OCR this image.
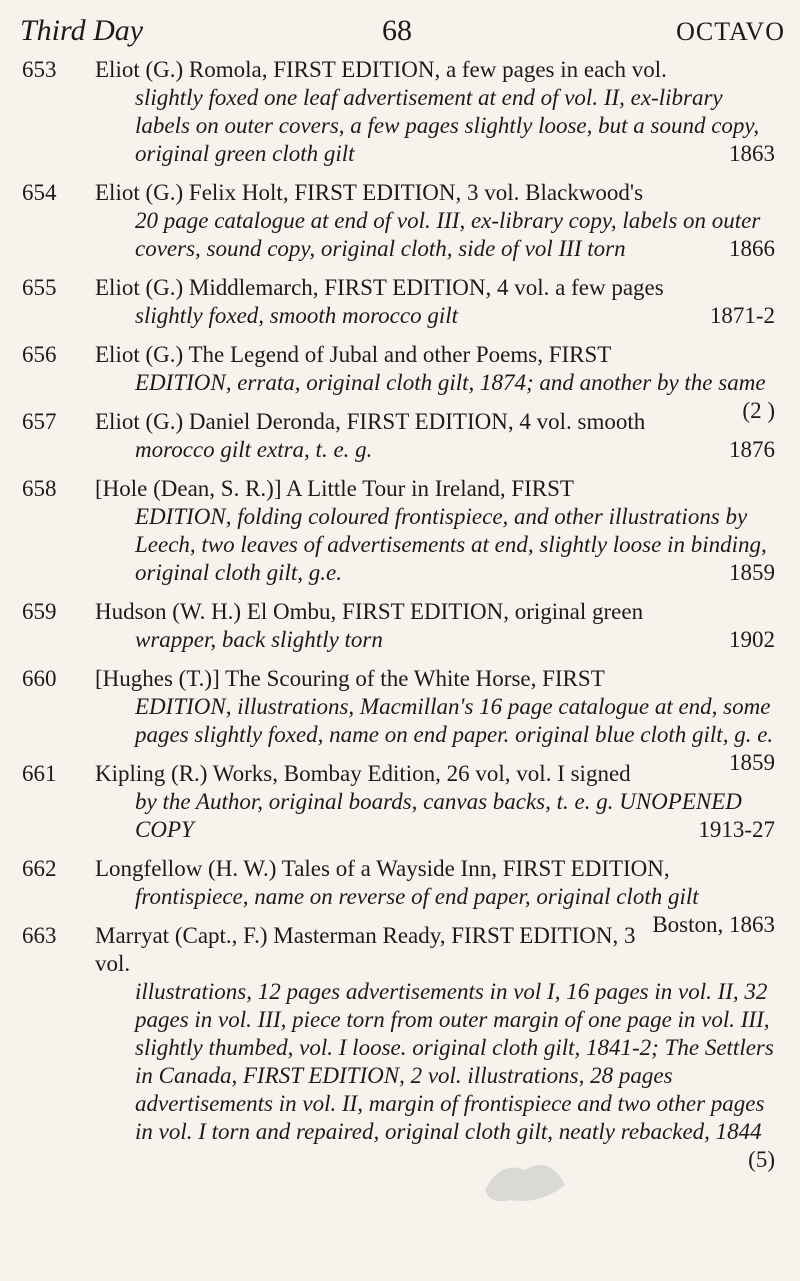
Third Day	68	OCTAVO
653 Eliot (G.) Romola, FIRST EDITION, a few pages in each vol.
slightly foxed one leaf advertisement at end of vol. II, ex-library labels on outer covers, a few pages slightly loose, but a sound copy, original green cloth gilt	1863
654 Eliot (G.) Felix Holt, FIRST EDITION, 3 vol. Blackwood's
20 page catalogue at end of vol. III, ex-library copy, labels on outer covers, sound copy, original cloth, side of vol III torn	1866
655 Eliot (G.) Middlemarch, FIRST EDITION, 4 vol. a few pages
slightly foxed, smooth morocco gilt	1871-2
656 Eliot (G.) The Legend of Jubal and other Poems, FIRST
EDITION, errata, original cloth gilt, 1874; and another by the same
(2 )
657 Eliot (G.) Daniel Deronda, FIRST EDITION, 4 vol. smooth
morocco gilt extra, t. e. g.	1876
658 [Hole (Dean, S. R.)] A Little Tour in Ireland, FIRST
EDITION, folding coloured frontispiece, and other illustrations by Leech, two leaves of advertisements at end, slightly loose in binding, original cloth gilt, g.e.	1859
659 Hudson (W. H.) El Ombu, FIRST EDITION, original green
wrapper, back slightly torn	1902
660 [Hughes (T.)] The Scouring of the White Horse, FIRST
EDITION, illustrations, Macmillan's 16 page catalogue at end, some pages slightly foxed, name on end paper. original blue cloth gilt, g. e.
1859
661 Kipling (R.) Works, Bombay Edition, 26 vol, vol. I signed
by the Author, original boards, canvas backs, t. e. g. UNOPENED COPY	1913-27
662 Longfellow (H. W.) Tales of a Wayside Inn, FIRST EDITION,
frontispiece, name on reverse of end paper, original cloth gilt
Boston, 1863
663 Marryat (Capt., F.) Masterman Ready, FIRST EDITION, 3 vol.
illustrations, 12 pages advertisements in vol I, 16 pages in vol. II, 32 pages in vol. III, piece torn from outer margin of one page in vol. III, slightly thumbed, vol. I loose. original cloth gilt, 1841-2; The Settlers in Canada, FIRST EDITION, 2 vol. illustrations, 28 pages advertisements in vol. II, margin of frontispiece and two other pages in vol. I torn and repaired, original cloth gilt, neatly rebacked, 1844
(5)
